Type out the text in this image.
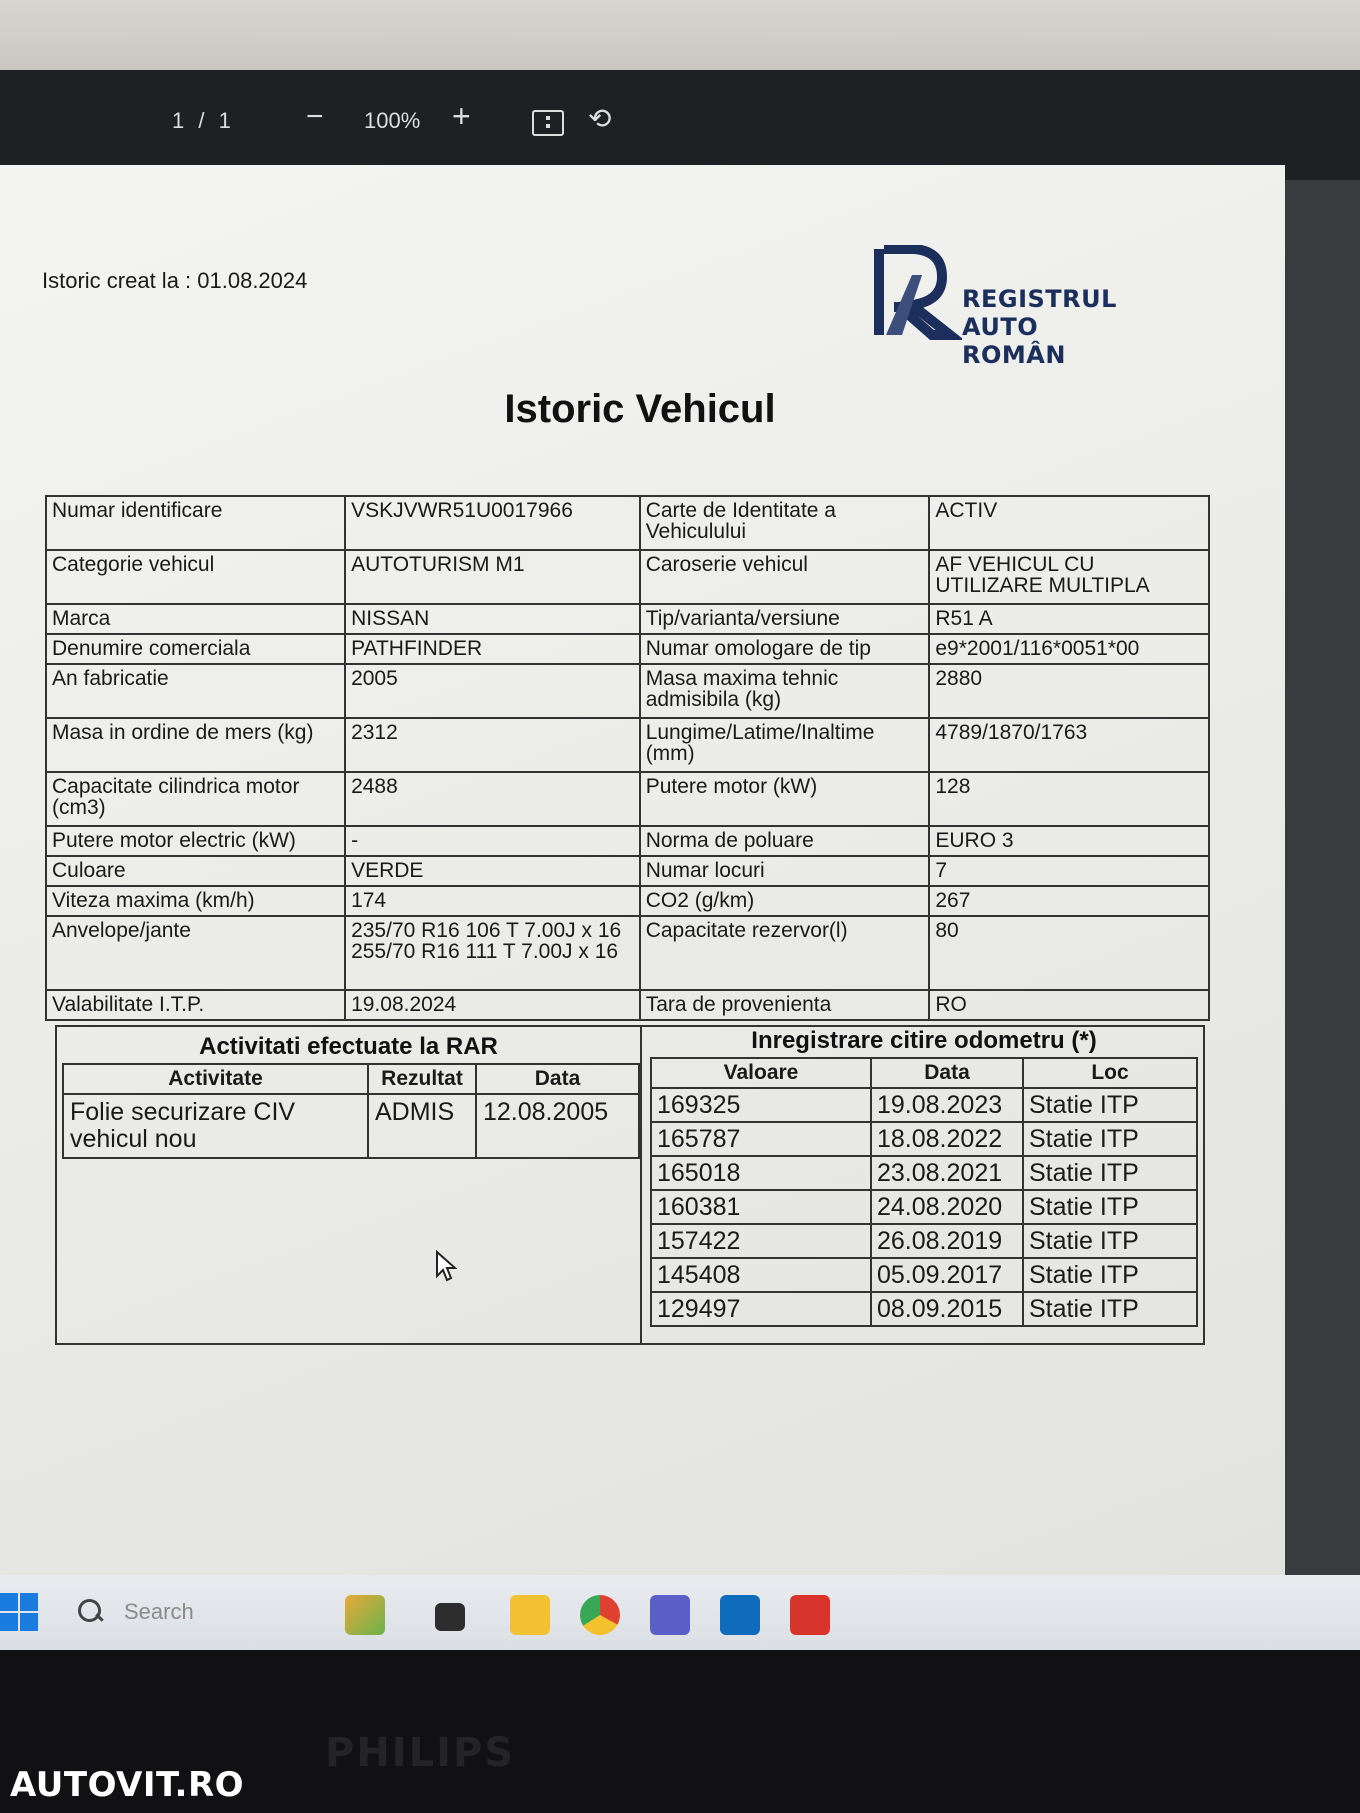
1 / 1 − 100% +	⟲
Istoric creat la : 01.08.2024
REGISTRUL
AUTO ROMÂN
Istoric Vehicul
Numar identificare	VSKJVWR51U0017966	Carte de Identitate a Vehiculului	ACTIV
Categorie vehicul	AUTOTURISM M1	Caroserie vehicul	AF VEHICUL CU UTILIZARE MULTIPLA
Marca	NISSAN	Tip/varianta/versiune	R51 A
Denumire comerciala	PATHFINDER	Numar omologare de tip	e9*2001/116*0051*00
An fabricatie	2005	Masa maxima tehnic admisibila (kg)	2880
Masa in ordine de mers (kg)	2312	Lungime/Latime/Inaltime (mm)	4789/1870/1763
Capacitate cilindrica motor (cm3)	2488	Putere motor (kW)	128
Putere motor electric (kW)	-	Norma de poluare	EURO 3
Culoare	VERDE	Numar locuri	7
Viteza maxima (km/h)	174	CO2 (g/km)	267
Anvelope/jante	235/70 R16 106 T 7.00J x 16 255/70 R16 111 T 7.00J x 16	Capacitate rezervor(l)	80
Valabilitate I.T.P.	19.08.2024	Tara de provenienta	RO
Activitati efectuate la RAR
Activitate	Rezultat	Data
Folie securizare CIV vehicul nou	ADMIS	12.08.2005
Inregistrare citire odometru (*)
Valoare	Data	Loc
169325	19.08.2023	Statie ITP
165787	18.08.2022	Statie ITP
165018	23.08.2021	Statie ITP
160381	24.08.2020	Statie ITP
157422	26.08.2019	Statie ITP
145408	05.09.2017	Statie ITP
129497	08.09.2015	Statie ITP
Search
PHILIPS
AUTOVIT.RO
